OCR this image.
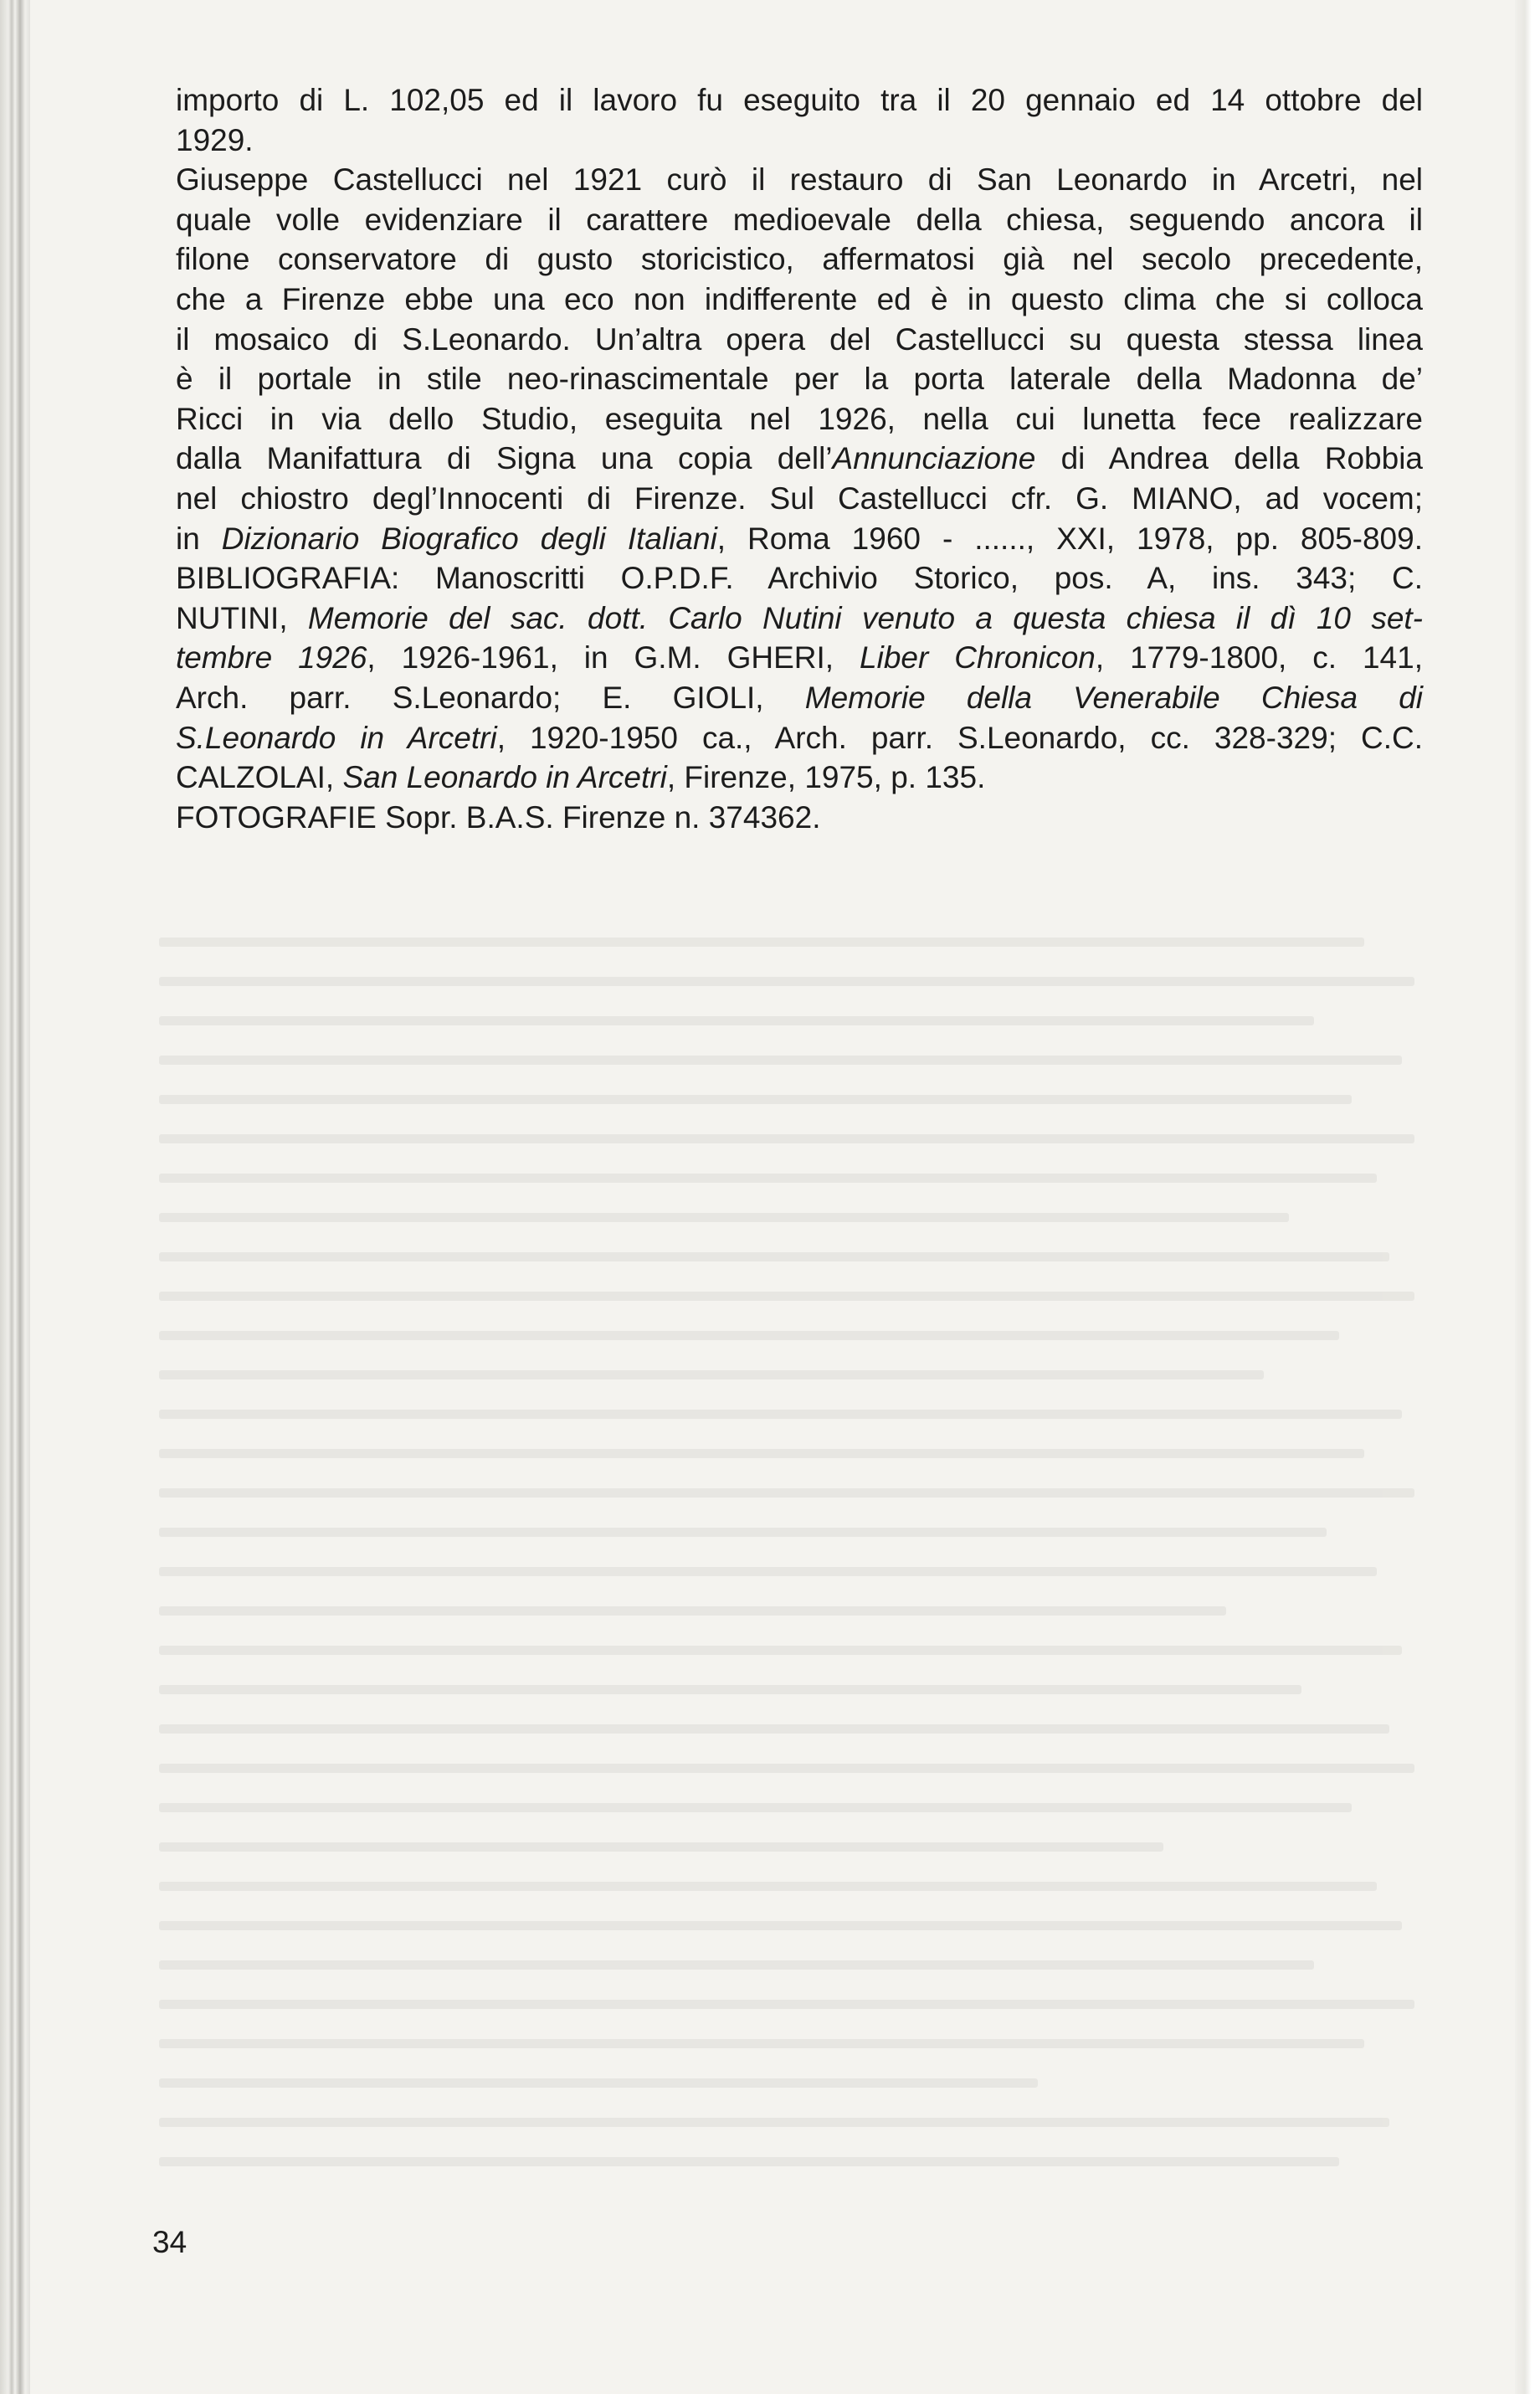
importo di L. 102,05 ed il lavoro fu eseguito tra il 20 gennaio ed 14 ottobre del
1929.
Giuseppe Castellucci nel 1921 curò il restauro di San Leonardo in Arcetri, nel
quale volle evidenziare il carattere medioevale della chiesa, seguendo ancora il
filone conservatore di gusto storicistico, affermatosi già nel secolo precedente,
che a Firenze ebbe una eco non indifferente ed è in questo clima che si colloca
il mosaico di S.Leonardo. Un’altra opera del Castellucci su questa stessa linea
è il portale in stile neo-rinascimentale per la porta laterale della Madonna de’
Ricci in via dello Studio, eseguita nel 1926, nella cui lunetta fece realizzare
dalla Manifattura di Signa una copia dell’Annunciazione di Andrea della Robbia
nel chiostro degl’Innocenti di Firenze. Sul Castellucci cfr. G. MIANO, ad vocem;
in Dizionario Biografico degli Italiani, Roma 1960 - ......, XXI, 1978, pp. 805-809.
BIBLIOGRAFIA: Manoscritti O.P.D.F. Archivio Storico, pos. A, ins. 343; C.
NUTINI, Memorie del sac. dott. Carlo Nutini venuto a questa chiesa il dì 10 set-
tembre 1926, 1926-1961, in G.M. GHERI, Liber Chronicon, 1779-1800, c. 141,
Arch. parr. S.Leonardo; E. GIOLI, Memorie della Venerabile Chiesa di
S.Leonardo in Arcetri, 1920-1950 ca., Arch. parr. S.Leonardo, cc. 328-329; C.C.
CALZOLAI, San Leonardo in Arcetri, Firenze, 1975, p. 135.
FOTOGRAFIE Sopr. B.A.S. Firenze n. 374362.
34
